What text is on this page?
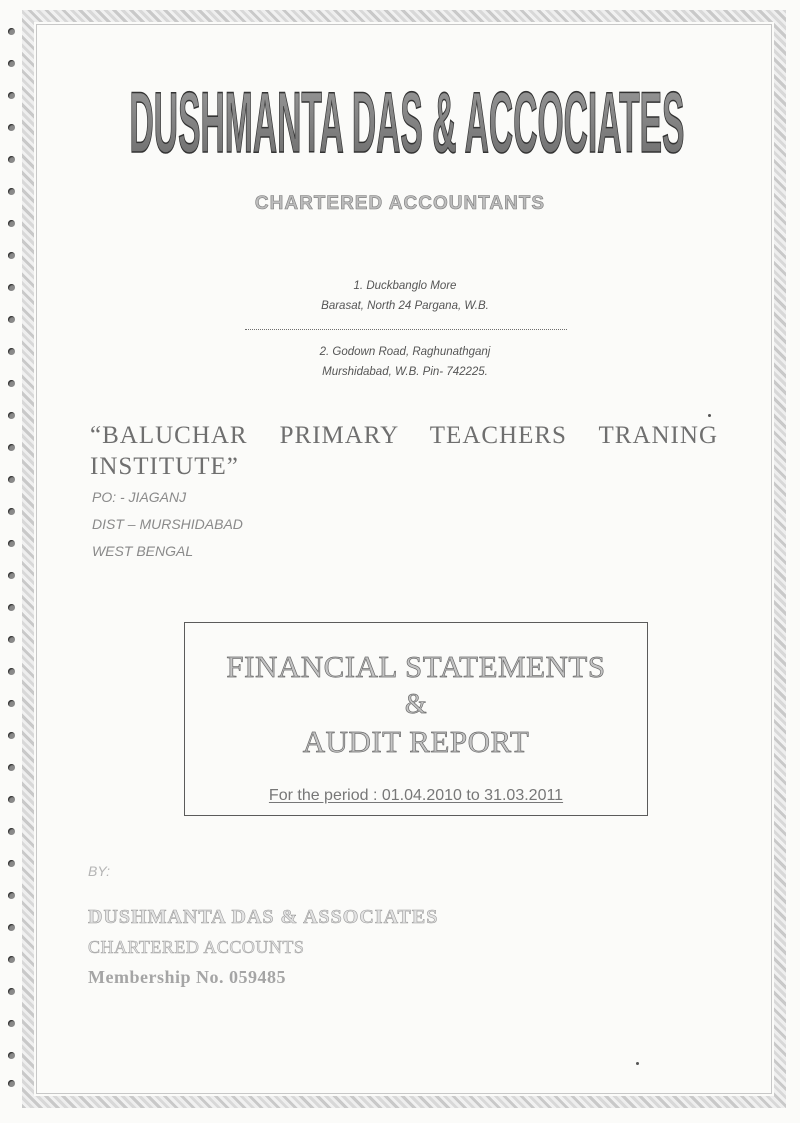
DUSHMANTA DAS & ACCOCIATES
CHARTERED ACCOUNTANTS
1. Duckbanglo More
Barasat, North 24 Pargana, W.B.
2. Godown Road, Raghunathganj
Murshidabad, W.B. Pin- 742225.
“BALUCHAR PRIMARY TEACHERS TRANING INSTITUTE”
PO: - JIAGANJ
DIST – MURSHIDABAD
WEST BENGAL
FINANCIAL STATEMENTS
&
AUDIT REPORT
For the period : 01.04.2010 to 31.03.2011
BY:
DUSHMANTA DAS & ASSOCIATES
CHARTERED ACCOUNTS
Membership No. 059485
